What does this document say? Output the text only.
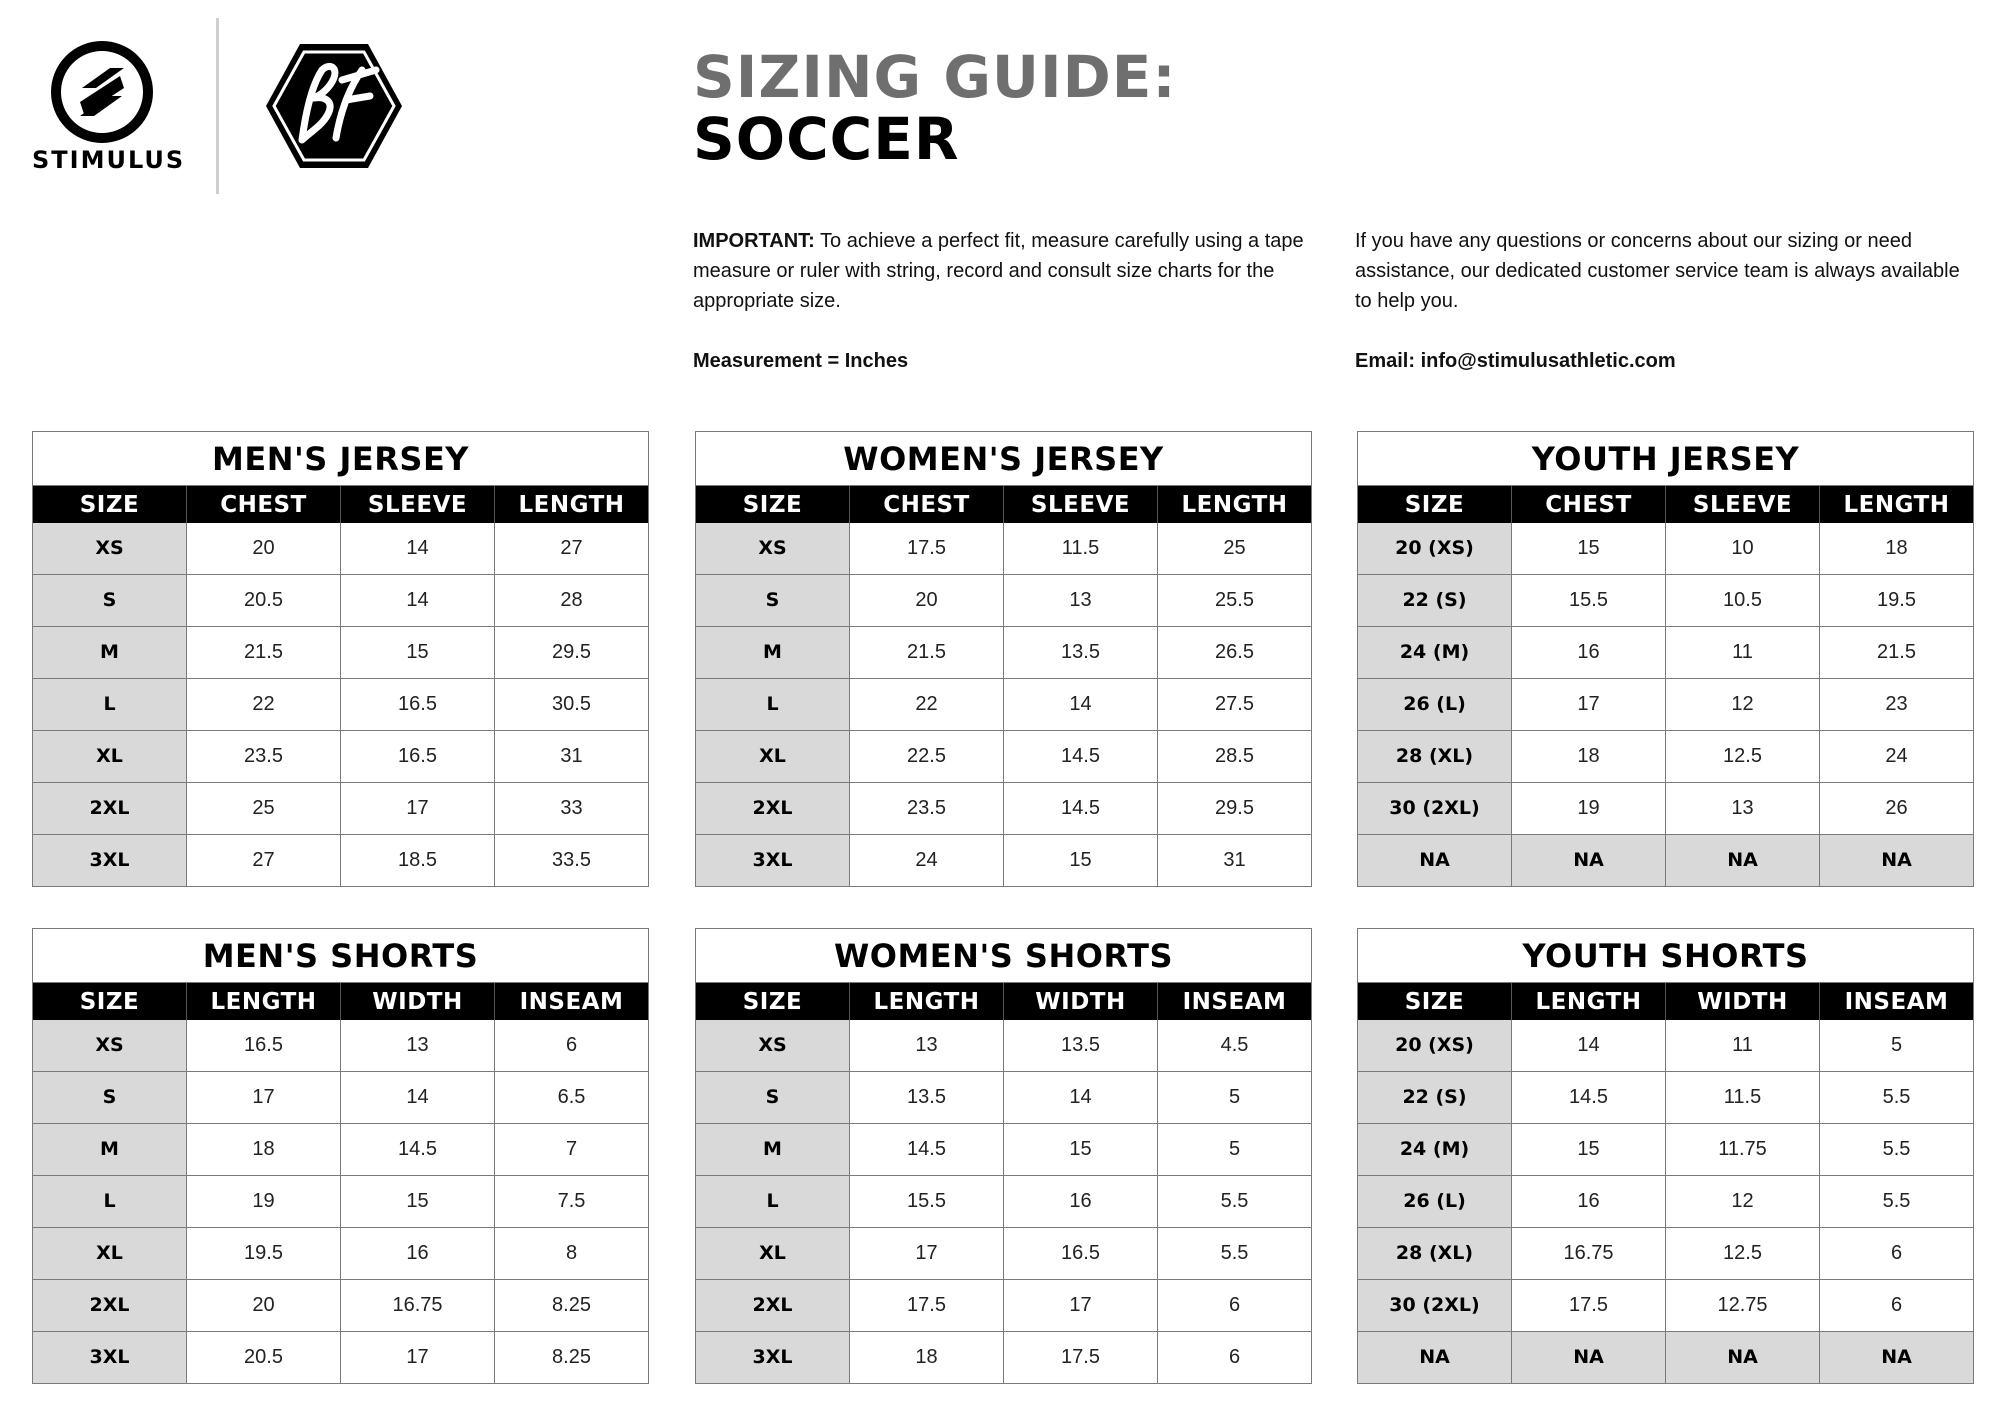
STIMULUS
SIZING GUIDE:
SOCCER

IMPORTANT: To achieve a perfect fit, measure carefully using a tape measure or ruler with string, record and consult size charts for the appropriate size.

Measurement = Inches

If you have any questions or concerns about our sizing or need assistance, our dedicated customer service team is always available to help you.

Email: info@stimulusathletic.com

MEN'S JERSEY
SIZE	CHEST	SLEEVE	LENGTH
XS	20	14	27
S	20.5	14	28
M	21.5	15	29.5
L	22	16.5	30.5
XL	23.5	16.5	31
2XL	25	17	33
3XL	27	18.5	33.5
WOMEN'S JERSEY
SIZE	CHEST	SLEEVE	LENGTH
XS	17.5	11.5	25
S	20	13	25.5
M	21.5	13.5	26.5
L	22	14	27.5
XL	22.5	14.5	28.5
2XL	23.5	14.5	29.5
3XL	24	15	31
YOUTH JERSEY
SIZE	CHEST	SLEEVE	LENGTH
20 (XS)	15	10	18
22 (S)	15.5	10.5	19.5
24 (M)	16	11	21.5
26 (L)	17	12	23
28 (XL)	18	12.5	24
30 (2XL)	19	13	26
NA	NA	NA	NA
MEN'S SHORTS
SIZE	LENGTH	WIDTH	INSEAM
XS	16.5	13	6
S	17	14	6.5
M	18	14.5	7
L	19	15	7.5
XL	19.5	16	8
2XL	20	16.75	8.25
3XL	20.5	17	8.25
WOMEN'S SHORTS
SIZE	LENGTH	WIDTH	INSEAM
XS	13	13.5	4.5
S	13.5	14	5
M	14.5	15	5
L	15.5	16	5.5
XL	17	16.5	5.5
2XL	17.5	17	6
3XL	18	17.5	6
YOUTH SHORTS
SIZE	LENGTH	WIDTH	INSEAM
20 (XS)	14	11	5
22 (S)	14.5	11.5	5.5
24 (M)	15	11.75	5.5
26 (L)	16	12	5.5
28 (XL)	16.75	12.5	6
30 (2XL)	17.5	12.75	6
NA	NA	NA	NA
